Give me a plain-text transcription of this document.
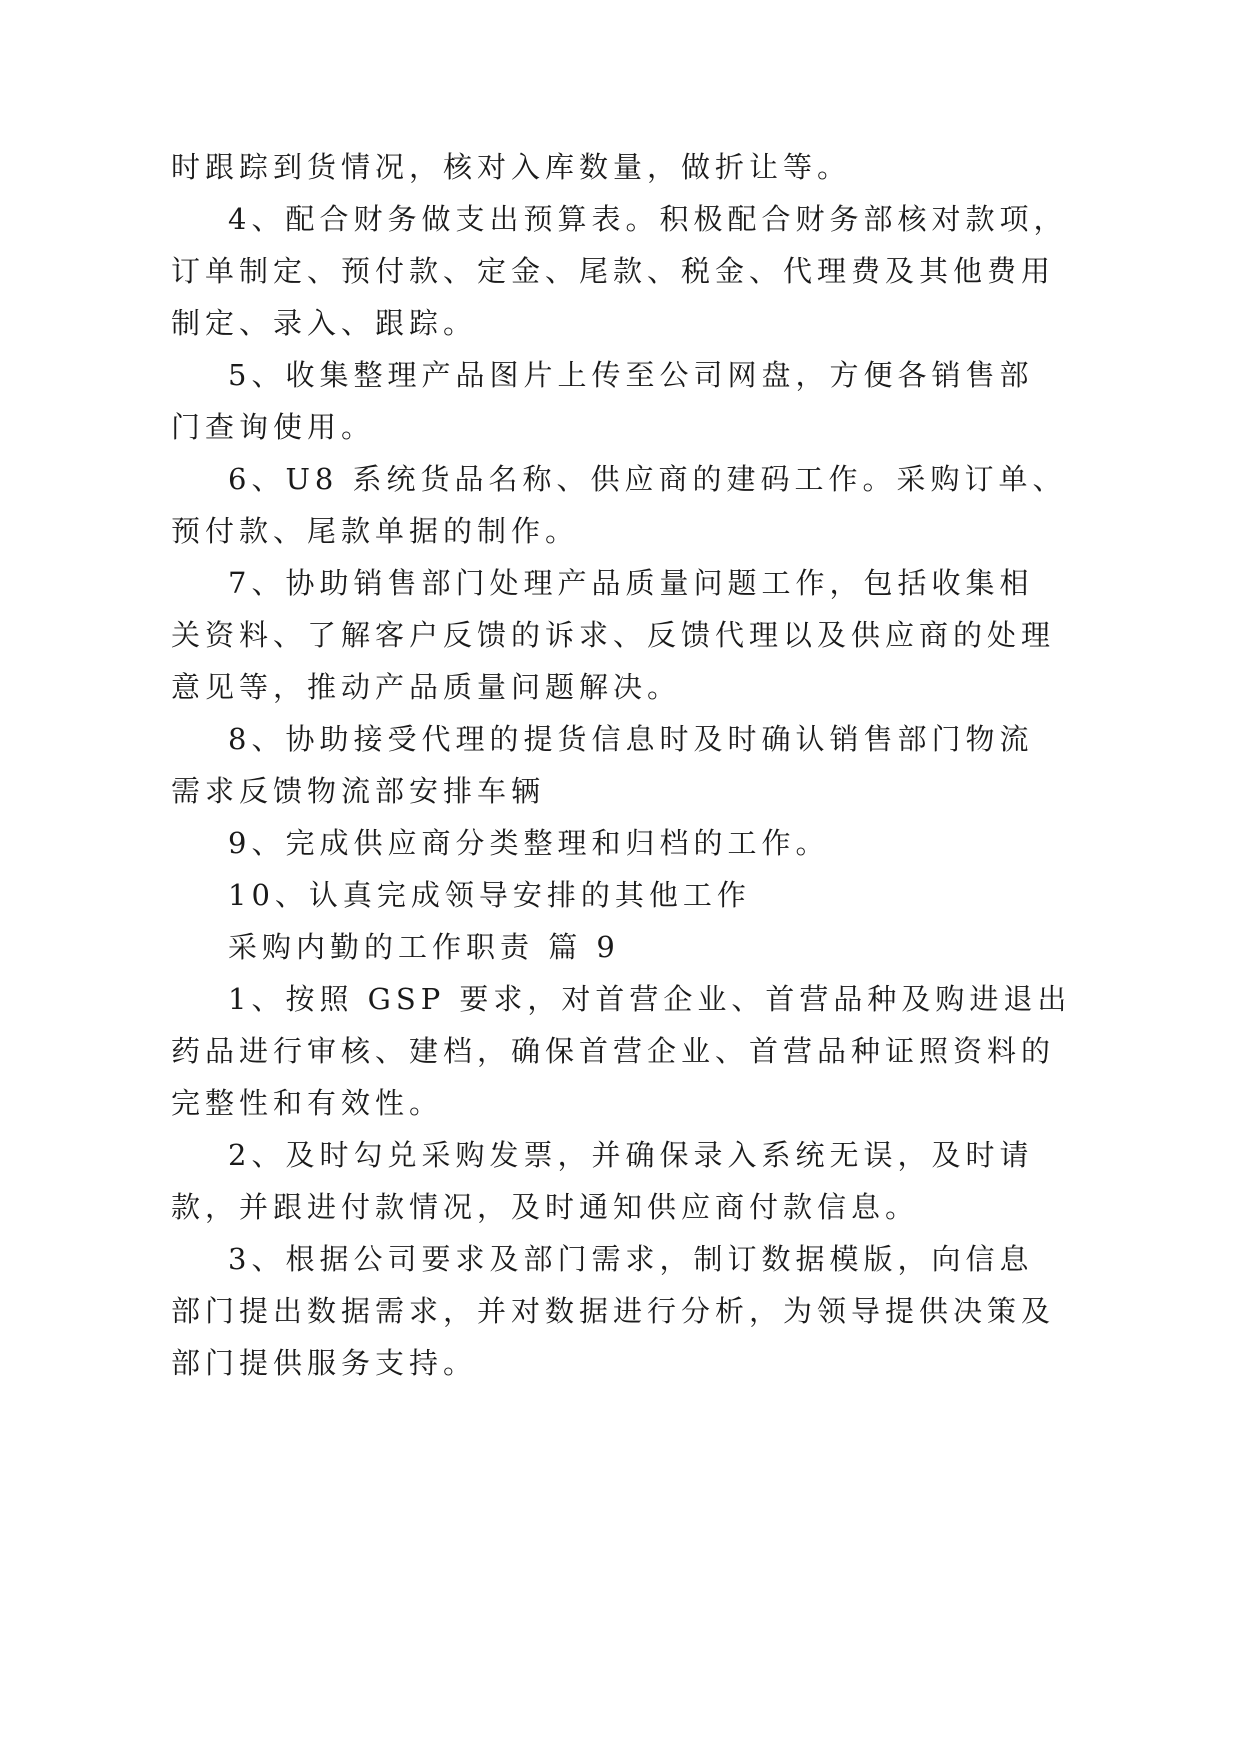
时跟踪到货情况，核对入库数量，做折让等。
4、配合财务做支出预算表。积极配合财务部核对款项，
订单制定、预付款、定金、尾款、税金、代理费及其他费用
制定、录入、跟踪。
5、收集整理产品图片上传至公司网盘，方便各销售部
门查询使用。
6、U8 系统货品名称、供应商的建码工作。采购订单、
预付款、尾款单据的制作。
7、协助销售部门处理产品质量问题工作，包括收集相
关资料、了解客户反馈的诉求、反馈代理以及供应商的处理
意见等，推动产品质量问题解决。
8、协助接受代理的提货信息时及时确认销售部门物流
需求反馈物流部安排车辆
9、完成供应商分类整理和归档的工作。
10、认真完成领导安排的其他工作
采购内勤的工作职责 篇 9
1、按照 GSP 要求，对首营企业、首营品种及购进退出
药品进行审核、建档，确保首营企业、首营品种证照资料的
完整性和有效性。
2、及时勾兑采购发票，并确保录入系统无误，及时请
款，并跟进付款情况，及时通知供应商付款信息。
3、根据公司要求及部门需求，制订数据模版，向信息
部门提出数据需求，并对数据进行分析，为领导提供决策及
部门提供服务支持。
